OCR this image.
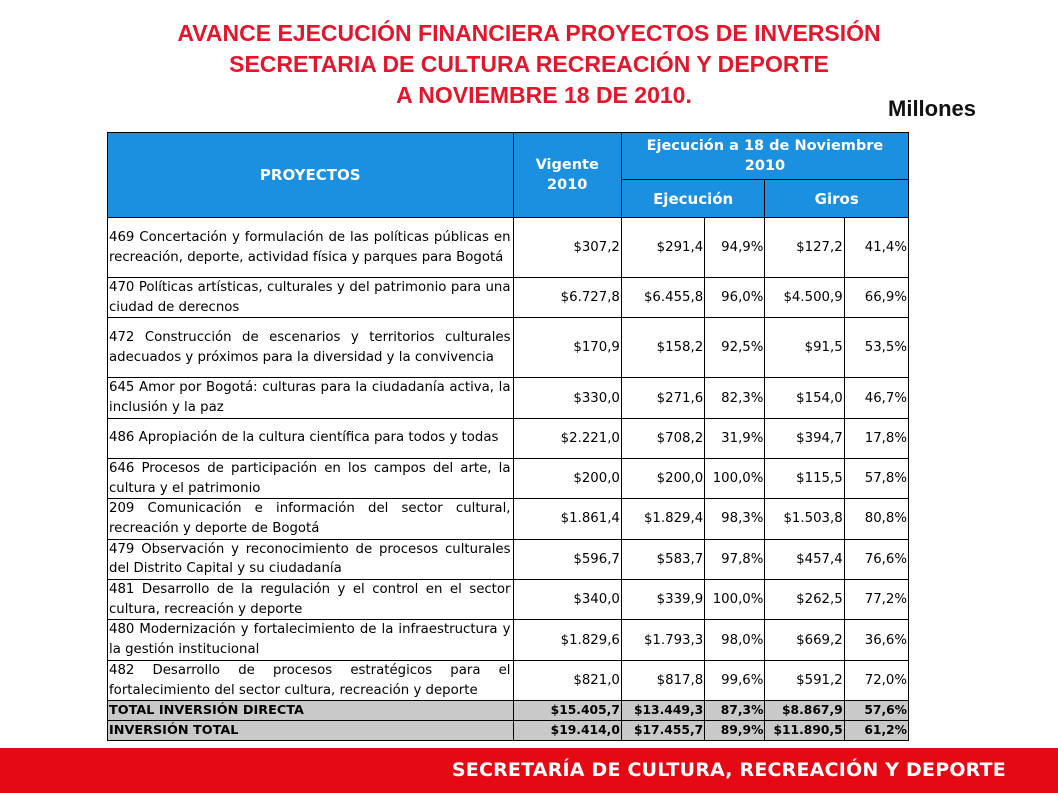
AVANCE EJECUCIÓN FINANCIERA PROYECTOS DE INVERSIÓN
SECRETARIA DE CULTURA RECREACIÓN Y DEPORTE
A NOVIEMBRE 18 DE 2010.
Millones
PROYECTOS	Vigente 2010	Ejecución a 18 de Noviembre 2010			
		Ejecución		Giros	
469 Concertación y formulación de las políticas públicas en recreación, deporte, actividad física y parques para Bogotá	$307,2	$291,4	94,9%	$127,2	41,4%
470 Políticas artísticas, culturales y del patrimonio para una ciudad de derecnos	$6.727,8	$6.455,8	96,0%	$4.500,9	66,9%
472 Construcción de escenarios y territorios culturales adecuados y próximos para la diversidad y la convivencia	$170,9	$158,2	92,5%	$91,5	53,5%
645 Amor por Bogotá: culturas para la ciudadanía activa, la inclusión y la paz	$330,0	$271,6	82,3%	$154,0	46,7%
486 Apropiación de la cultura científica para todos y todas	$2.221,0	$708,2	31,9%	$394,7	17,8%
646 Procesos de participación en los campos del arte, la cultura y el patrimonio	$200,0	$200,0	100,0%	$115,5	57,8%
209 Comunicación e información del sector cultural, recreación y deporte de Bogotá	$1.861,4	$1.829,4	98,3%	$1.503,8	80,8%
479 Observación y reconocimiento de procesos culturales del Distrito Capital y su ciudadanía	$596,7	$583,7	97,8%	$457,4	76,6%
481 Desarrollo de la regulación y el control en el sector cultura, recreación y deporte	$340,0	$339,9	100,0%	$262,5	77,2%
480 Modernización y fortalecimiento de la infraestructura y la gestión institucional	$1.829,6	$1.793,3	98,0%	$669,2	36,6%
482 Desarrollo de procesos estratégicos para el fortalecimiento del sector cultura, recreación y deporte	$821,0	$817,8	99,6%	$591,2	72,0%
TOTAL INVERSIÓN DIRECTA	$15.405,7	$13.449,3	87,3%	$8.867,9	57,6%
INVERSIÓN TOTAL	$19.414,0	$17.455,7	89,9%	$11.890,5	61,2%
SECRETARÍA DE CULTURA, RECREACIÓN Y DEPORTE
